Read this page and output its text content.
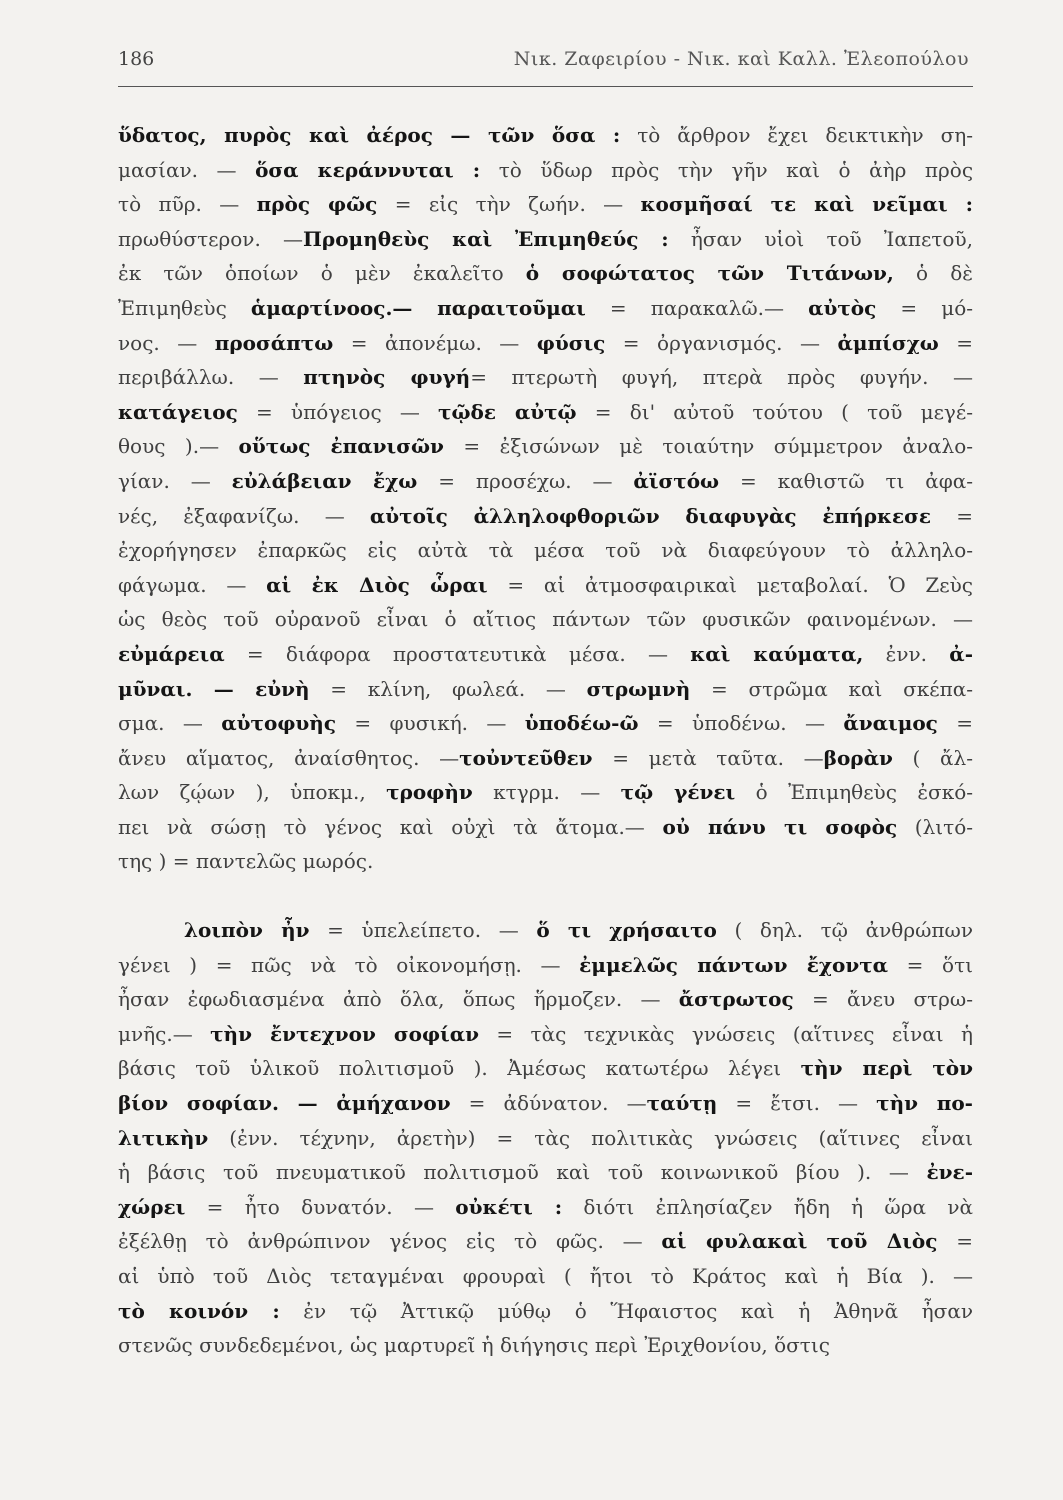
186	Νικ. Ζαφειρίου - Νικ. καὶ Καλλ. Ἐλεοπούλου

ὕδατος, πυρὸς καὶ ἀέρος — τῶν ὅσα : τὸ ἄρθρον ἔχει δεικτικὴν ση-
μασίαν. — ὅσα κεράννυται : τὸ ὕδωρ πρὸς τὴν γῆν καὶ ὁ ἀὴρ πρὸς
τὸ πῦρ. — πρὸς φῶς = εἰς τὴν ζωήν. — κοσμῆσαί τε καὶ νεῖμαι :
πρωθύστερον. —Προμηθεὺς καὶ Ἐπιμηθεύς : ἦσαν υἱοὶ τοῦ Ἰαπετοῦ,
ἐκ τῶν ὁποίων ὁ μὲν ἐκαλεῖτο ὁ σοφώτατος τῶν Τιτάνων, ὁ δὲ
Ἐπιμηθεὺς ἁμαρτίνοος.— παραιτοῦμαι = παρακαλῶ.— αὐτὸς = μό-
νος. — προσάπτω = ἀπονέμω. — φύσις = ὀργανισμός. — ἀμπίσχω =
περιβάλλω. — πτηνὸς φυγή= πτερωτὴ φυγή, πτερὰ πρὸς φυγήν. —
κατάγειος = ὑπόγειος — τῷδε αὐτῷ = δι' αὐτοῦ τούτου ( τοῦ μεγέ-
θους ).— οὕτως ἐπανισῶν = ἐξισώνων μὲ τοιαύτην σύμμετρον ἀναλο-
γίαν. — εὐλάβειαν ἔχω = προσέχω. — ἀϊστόω = καθιστῶ τι ἀφα-
νές, ἐξαφανίζω. — αὐτοῖς ἀλληλοφθοριῶν διαφυγὰς ἐπήρκεσε =
ἐχορήγησεν ἐπαρκῶς εἰς αὐτὰ τὰ μέσα τοῦ νὰ διαφεύγουν τὸ ἀλληλο-
φάγωμα. — αἱ ἐκ Διὸς ὧραι = αἱ ἀτμοσφαιρικαὶ μεταβολαί. Ὁ Ζεὺς
ὡς θεὸς τοῦ οὐρανοῦ εἶναι ὁ αἴτιος πάντων τῶν φυσικῶν φαινομένων. —
εὐμάρεια = διάφορα προστατευτικὰ μέσα. — καὶ καύματα, ἐνν. ἀ-
μῦναι. — εὐνὴ = κλίνη, φωλεά. — στρωμνὴ = στρῶμα καὶ σκέπα-
σμα. — αὐτοφυὴς = φυσική. — ὑποδέω-ῶ = ὑποδένω. — ἄναιμος =
ἄνευ αἵματος, ἀναίσθητος. —τοὐντεῦθεν = μετὰ ταῦτα. —βορὰν ( ἄλ-
λων ζῴων ), ὑποκμ., τροφὴν κτγρμ. — τῷ γένει ὁ Ἐπιμηθεὺς ἐσκό-
πει νὰ σώσῃ τὸ γένος καὶ οὐχὶ τὰ ἄτομα.— οὐ πάνυ τι σοφὸς (λιτό-
της ) = παντελῶς μωρός.

λοιπὸν ἦν = ὑπελείπετο. — ὅ τι χρήσαιτο ( δηλ. τῷ ἀνθρώπων
γένει ) = πῶς νὰ τὸ οἰκονομήσῃ. — ἐμμελῶς πάντων ἔχοντα = ὅτι
ἦσαν ἐφωδιασμένα ἀπὸ ὅλα, ὅπως ἥρμοζεν. — ἄστρωτος = ἄνευ στρω-
μνῆς.— τὴν ἔντεχνον σοφίαν = τὰς τεχνικὰς γνώσεις (αἵτινες εἶναι ἡ
βάσις τοῦ ὑλικοῦ πολιτισμοῦ ). Ἀμέσως κατωτέρω λέγει τὴν περὶ τὸν
βίον σοφίαν. — ἀμήχανον = ἀδύνατον. —ταύτῃ = ἔτσι. — τὴν πο-
λιτικὴν (ἐνν. τέχνην, ἀρετὴν) = τὰς πολιτικὰς γνώσεις (αἵτινες εἶναι
ἡ βάσις τοῦ πνευματικοῦ πολιτισμοῦ καὶ τοῦ κοινωνικοῦ βίου ). — ἐνε-
χώρει = ἦτο δυνατόν. — οὐκέτι : διότι ἐπλησίαζεν ἤδη ἡ ὥρα νὰ
ἐξέλθῃ τὸ ἀνθρώπινον γένος εἰς τὸ φῶς. — αἱ φυλακαὶ τοῦ Διὸς =
αἱ ὑπὸ τοῦ Διὸς τεταγμέναι φρουραὶ ( ἤτοι τὸ Κράτος καὶ ἡ Βία ). —
τὸ κοινόν : ἐν τῷ Ἀττικῷ μύθῳ ὁ Ἥφαιστος καὶ ἡ Ἀθηνᾶ ἦσαν
στενῶς συνδεδεμένοι, ὡς μαρτυρεῖ ἡ διήγησις περὶ Ἐριχθονίου, ὅστις
